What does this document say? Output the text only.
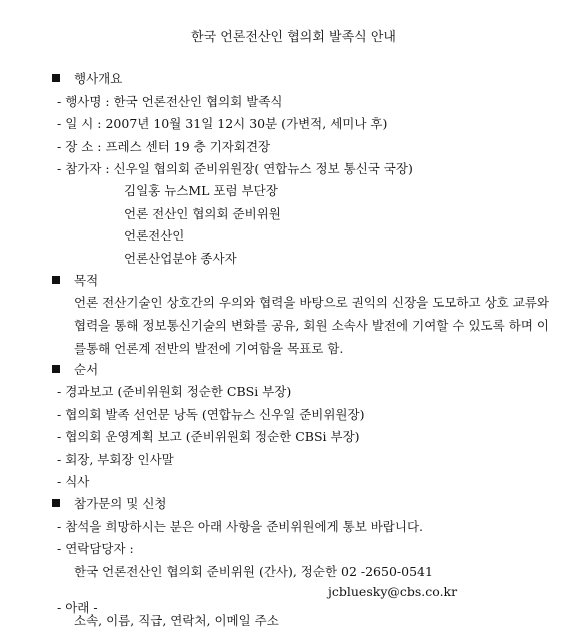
한국 언론전산인 협의회 발족식 안내
행사개요
- 행사명 : 한국 언론전산인 협의회 발족식
- 일 시 : 2007년 10월 31일 12시 30분 (가변적, 세미나 후)
- 장 소 : 프레스 센터 19 층 기자회견장
- 참가자 : 신우일 협의회 준비위원장( 연합뉴스 정보 통신국 국장)
김일홍 뉴스ML 포럼 부단장
언론 전산인 협의회 준비위원
언론전산인
언론산업분야 종사자
목적
언론 전산기술인 상호간의 우의와 협력을 바탕으로 권익의 신장을 도모하고 상호 교류와 협력을 통해 정보통신기술의 변화를 공유, 회원 소속사 발전에 기여할 수 있도록 하며 이를통해 언론계 전반의 발전에 기여함을 목표로 함.
순서
- 경과보고 (준비위원회 정순한 CBSi 부장)
- 협의회 발족 선언문 낭독 (연합뉴스 신우일 준비위원장)
- 협의회 운영계획 보고 (준비위원회 정순한 CBSi 부장)
- 회장, 부회장 인사말
- 식사
참가문의 및 신청
- 참석을 희망하시는 분은 아래 사항을 준비위원에게 통보 바랍니다.
- 연락담당자 :
한국 언론전산인 협의회 준비위원 (간사), 정순한 02 -2650-0541
jcbluesky@cbs.co.kr
- 아래 -
소속, 이름, 직급, 연락처, 이메일 주소
